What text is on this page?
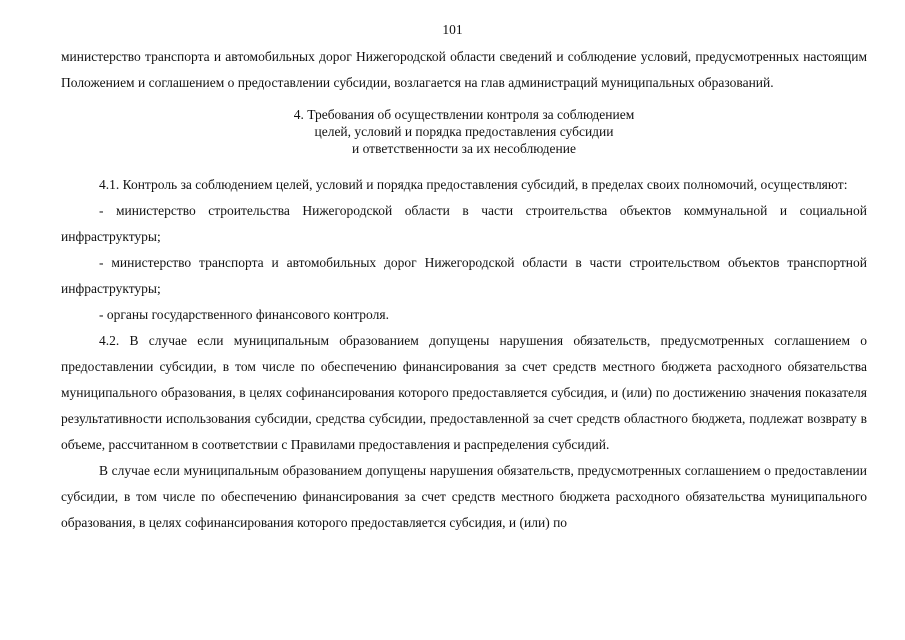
101

министерство транспорта и автомобильных дорог Нижегородской области сведений и соблюдение условий, предусмотренных настоящим Положением и соглашением о предоставлении субсидии, возлагается на глав администраций муниципальных образований.

4. Требования об осуществлении контроля за соблюдением
целей, условий и порядка предоставления субсидии
и ответственности за их несоблюдение

4.1. Контроль за соблюдением целей, условий и порядка предоставления субсидий, в пределах своих полномочий, осуществляют:

- министерство строительства Нижегородской области в части строительства объектов коммунальной и социальной инфраструктуры;

- министерство транспорта и автомобильных дорог Нижегородской области в части строительством объектов транспортной инфраструктуры;

- органы государственного финансового контроля.

4.2. В случае если муниципальным образованием допущены нарушения обязательств, предусмотренных соглашением о предоставлении субсидии, в том числе по обеспечению финансирования за счет средств местного бюджета расходного обязательства муниципального образования, в целях софинансирования которого предоставляется субсидия, и (или) по достижению значения показателя результативности использования субсидии, средства субсидии, предоставленной за счет средств областного бюджета, подлежат возврату в объеме, рассчитанном в соответствии с Правилами предоставления и распределения субсидий.

В случае если муниципальным образованием допущены нарушения обязательств, предусмотренных соглашением о предоставлении субсидии, в том числе по обеспечению финансирования за счет средств местного бюджета расходного обязательства муниципального образования, в целях софинансирования которого предоставляется субсидия, и (или) по
